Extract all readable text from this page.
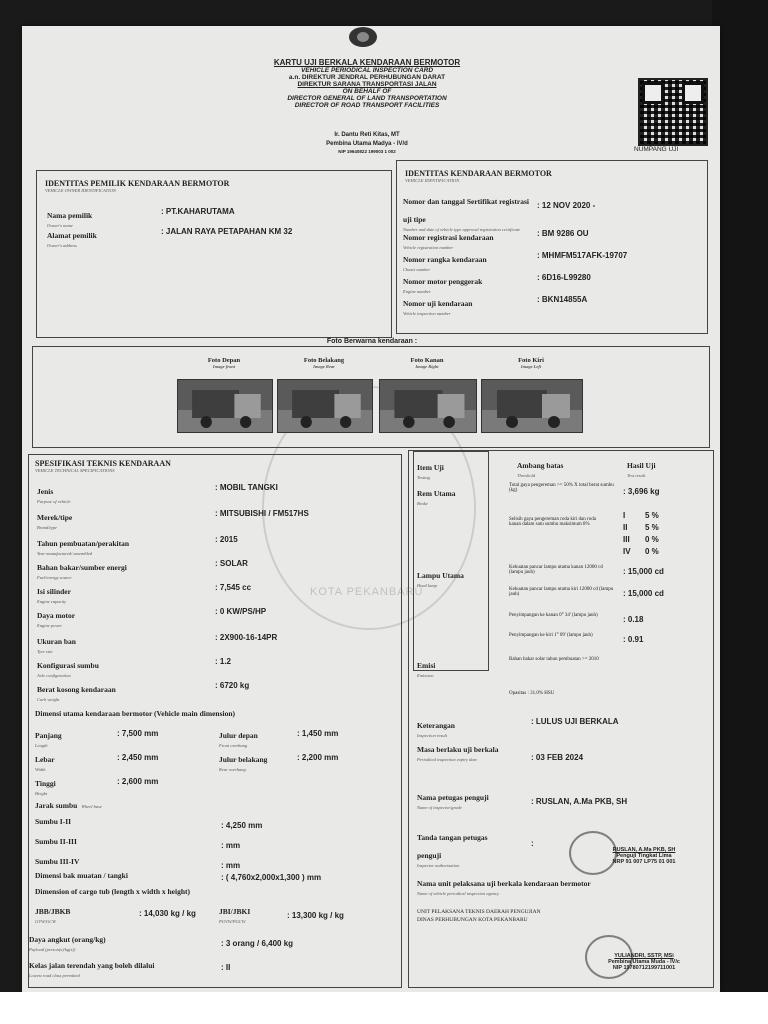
KOTA PEKANBARU
KARTU UJI BERKALA KENDARAAN BERMOTOR
VEHICLE PERIODICAL INSPECTION CARD
a.n. DIREKTUR JENDRAL PERHUBUNGAN DARAT
DIREKTUR SARANA TRANSPORTASI JALAN
ON BEHALF OF
DIRECTOR GENERAL OF LAND TRANSPORTATION
DIRECTOR OF ROAD TRANSPORT FACILITIES
Ir. Dantu Reti Kitas, MT
Pembina Utama Madya - IV/d
NIP 19640822 199003 1 002	NUMPANG UJI
IDENTITAS PEMILIK KENDARAAN BERMOTOR
VEHICLE OWNER IDENTIFICATION
Nama pemilik
Owner's name
: PT.KAHARUTAMA
Alamat pemilik
Owner's address
: JALAN RAYA PETAPAHAN KM 32
IDENTITAS KENDARAAN BERMOTOR
VEHICLE IDENTIFICATION
Nomor dan tanggal Sertifikat registrasi uji tipe
Number and date of vehicle type approval registration certificate
: 12 NOV 2020 -
Nomor registrasi kendaraan
Vehicle registration number
: BM 9286 OU
Nomor rangka kendaraan
Chasis number
: MHMFM517AFK-19707
Nomor motor penggerak
Engine number
: 6D16-L99280
Nomor uji kendaraan
Vehicle inspection number
: BKN14855A
Foto Berwarna kendaraan :
Foto Depan
Image front
Foto Belakang
Image Rear
Foto Kanan
Image Right
Foto Kiri
Image Left
SPESIFIKASI TEKNIS KENDARAAN
VEHICLE TECHNICAL SPECIFICATIONS
Jenis
Purpose of vehicle
: MOBIL TANGKI
Merek/tipe
Brand/type
: MITSUBISHI / FM517HS
Tahun pembuatan/perakitan
Year manufactured/ assembled
: 2015
Bahan bakar/sumber energi
Fuel/energy source
: SOLAR
Isi silinder
Engine capacity
: 7,545 cc
Daya motor
Engine power
: 0 KW/PS/HP
Ukuran ban
Tyre size
: 2X900-16-14PR
Konfigurasi sumbu
Axle configuration
: 1.2
Berat kosong kendaraan
Curb weight
: 6720 kg
Dimensi utama kendaraan bermotor (Vehicle main dimension)
Panjang
Length
: 7,500 mm
Lebar
Width
: 2,450 mm
Tinggi
Height
: 2,600 mm
Julur depan
Front overhang
: 1,450 mm
Julur belakang
Rear overhang
: 2,200 mm
Jarak sumbu Wheel base
Sumbu I-II	: 4,250 mm
Sumbu II-III	: mm
Sumbu III-IV	: mm
Dimensi bak muatan / tangki	: ( 4,760x2,000x1,300 ) mm
Dimension of cargo tub (length x width x height)
JBB/JBKB
GVW/GCW
: 14,030 kg / kg	JBI/JBKI
PGVW/PGCW
: 13,300 kg / kg
Daya angkut (orang/kg)
Payload (person(s)/kg(s))
: 3 orang / 6,400 kg
Kelas jalan terendah yang boleh dilalui
Lowest road class permitted
: II
Item Uji
Testing
Ambang batas
Threshold
Hasil Uji
Test result
Rem Utama
Brake
Total gaya pengereman >= 50% X total berat sumbu (kg)	: 3,696 kg
Selisih gaya pengereman roda kiri dan roda kanan dalam satu sumbu maksimum 8%
I 5 %
II 5 %
III 0 %
IV 0 %
Lampu Utama
Head lamp
Kekuatan pancar lampu utama kanan 12000 cd (lampu jauh)	: 15,000 cd
Kekuatan pancar lampu utama kiri 12000 cd (lampu jauh)	: 15,000 cd
Penyimpangan ke kanan 0° 34' (lampu jauh)	: 0.18
Penyimpangan ke kiri 1° 09' (lampu jauh)	: 0.91
Emisi
Emission
Bahan bakar solar tahun pembuatan >= 2010
Opasitas : 31.0% HSU
Keterangan
Inspection result
: LULUS UJI BERKALA
Masa berlaku uji berkala
Periodical inspection expiry date	: 03 FEB 2024
Nama petugas penguji
Name of inspector/grade
: RUSLAN, A.Ma PKB, SH
Tanda tangan petugas penguji
Inspector authorization
:
RUSLAN, A.Ma PKB, SH
Penguji Tingkat Lima
NRP 91 007 LP75 01 001
Nama unit pelaksana uji berkala kendaraan bermotor
Name of vehicle periodical inspection agency
UNIT PELAKSANA TEKNIS DAERAH PENGUJIAN
DINAS PERHUBUNGAN KOTA PEKANBARU
YULIANDRI, SSTP, MSi
Pembina Utama Muda - IV/c
NIP 19780712199711001
